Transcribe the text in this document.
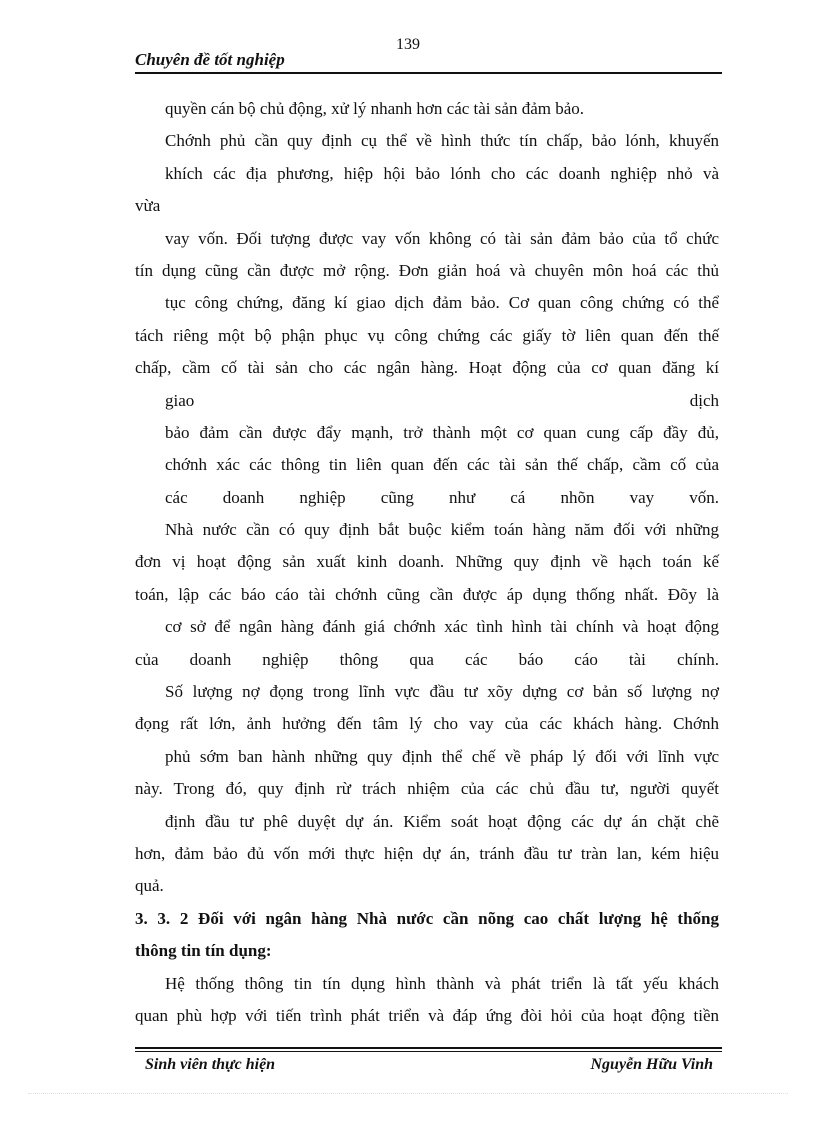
139
Chuyên đề tốt nghiệp
quyền cán bộ chủ động, xử lý nhanh hơn các tài sản đảm bảo.
Chớnh phủ cần quy định cụ thể về hình thức tín chấp, bảo lónh, khuyến
khích các địa phương, hiệp hội bảo lónh cho các doanh nghiệp nhỏ và
vừa
vay vốn. Đối tượng được vay vốn không có tài sản đảm bảo của tổ chức
tín dụng cũng cần được mở rộng. Đơn giản hoá và chuyên môn hoá các thủ
tục công chứng, đăng kí giao dịch đảm bảo. Cơ quan công chứng có thể
tách riêng một bộ phận phục vụ công chứng các giấy tờ liên quan đến thế
chấp, cầm cố tài sản cho các ngân hàng. Hoạt động của cơ quan đăng kí
giao dịch
bảo đảm cần được đẩy mạnh, trở thành một cơ quan cung cấp đầy đủ,
chớnh xác các thông tin liên quan đến các tài sản thế chấp, cầm cố của
các doanh nghiệp cũng như cá nhõn vay vốn.
Nhà nước cần có quy định bắt buộc kiểm toán hàng năm đối với những
đơn vị hoạt động sản xuất kinh doanh. Những quy định về hạch toán kế
toán, lập các báo cáo tài chớnh cũng cần được áp dụng thống nhất. Đõy là
cơ sở để ngân hàng đánh giá chớnh xác tình hình tài chính và hoạt động
của doanh nghiệp thông qua các báo cáo tài chính.
Số lượng nợ đọng trong lĩnh vực đầu tư xõy dựng cơ bản số lượng nợ
đọng rất lớn, ảnh hưởng đến tâm lý cho vay của các khách hàng. Chớnh
phủ sớm ban hành những quy định thể chế về pháp lý đối với lĩnh vực
này. Trong đó, quy định rừ trách nhiệm của các chủ đầu tư, người quyết
định đầu tư phê duyệt dự án. Kiểm soát hoạt động các dự án chặt chẽ
hơn, đảm bảo đủ vốn mới thực hiện dự án, tránh đầu tư tràn lan, kém hiệu
quả.
3. 3. 2 Đối với ngân hàng Nhà nước cần nõng cao chất lượng hệ thống
thông tin tín dụng:
Hệ thống thông tin tín dụng hình thành và phát triển là tất yếu khách
quan phù hợp với tiến trình phát triển và đáp ứng đòi hỏi của hoạt động tiền
Sinh viên thực hiện	Nguyễn Hữu Vinh
